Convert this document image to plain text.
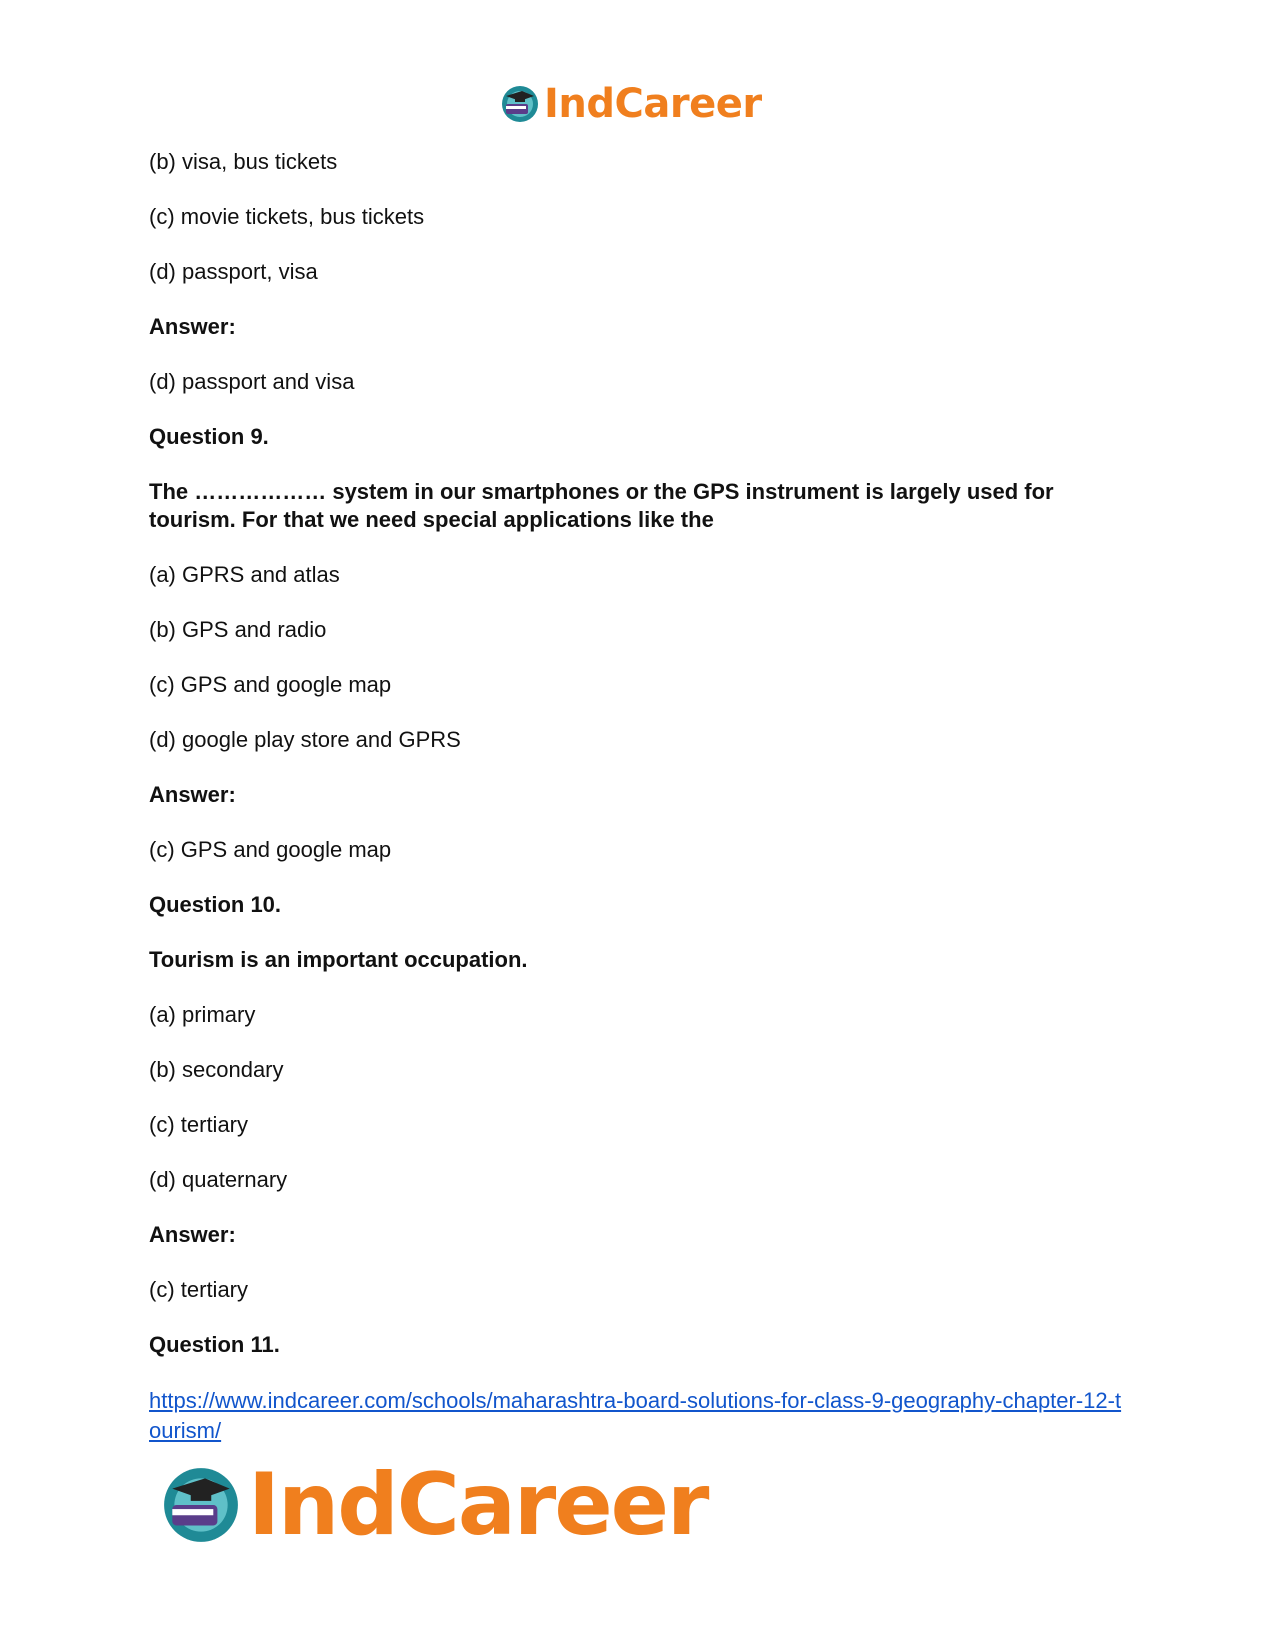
IndCareer
(b) visa, bus tickets
(c) movie tickets, bus tickets
(d) passport, visa
Answer:
(d) passport and visa
Question 9.
The ……………… system in our smartphones or the GPS instrument is largely used for tourism. For that we need special applications like the
(a) GPRS and atlas
(b) GPS and radio
(c) GPS and google map
(d) google play store and GPRS
Answer:
(c) GPS and google map
Question 10.
Tourism is an important occupation.
(a) primary
(b) secondary
(c) tertiary
(d) quaternary
Answer:
(c) tertiary
Question 11.
https://www.indcareer.com/schools/maharashtra-board-solutions-for-class-9-geography-chapter-12-tourism/
IndCareer
